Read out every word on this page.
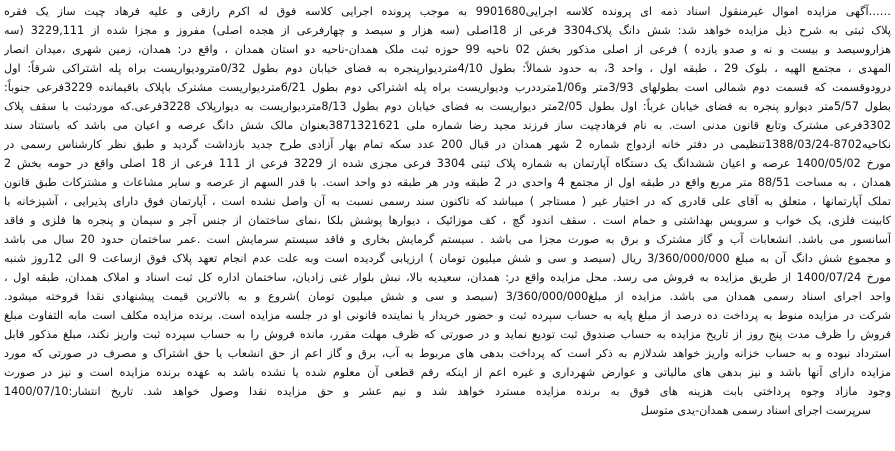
……آگهی مزایده اموال غیرمنقول اسناد ذمه ای پرونده کلاسه اجرایی9901680 به موجب پرونده اجرایی کلاسه فوق له اکرم رازقی و علیه فرهاد چیت ساز یک فقره
پلاک ثبتی به شرح ذیل مزایده خواهد شد: شش دانگ پلاک3304 فرعی از 18اصلی (سه هزار و سیصد و چهارفرعی از هجده اصلی) مفروز و مجزا شده از 3229,111 (سه
هزاروسیصد و بیست و نه و صدو یازده ) فرعی از اصلی مذکور بخش 02 ناحیه 99 حوزه ثبت ملک همدان-ناحیه دو استان همدان ، واقع در: همدان، زمین شهری ،میدان انصار
المهدی ، مجتمع الهیه ، بلوک 29 ، طبقه اول ، واحد 3، به حدود شمالاً: بطول 4/10متردیوارپنجره به فضای خیابان دوم بطول 0/32مترودیواریست براه پله اشتراکی شرقاً: اول
درودوقسمت که قسمت دوم شمالی است بطولهای 3/93متر و1/06مترددرب ودیواریست براه پله اشتراکی دوم بطول 6/21متردیواریست مشترک باپلاک باقیمانده 3229فرعی جنوباً:
بطول 5/57متر دیوارو پنجره به فضای خیابان غرباً: اول بطول 2/05متر دیواریست به فضای خیابان دوم بطول 8/13متردیواریست به دیوارپلاک 3228فرعی.که موردثبت با سقف پلاک
3302فرعی مشترک وتابع قانون مدنی است. به نام فرهادچیت ساز فرزند مجید رضا شماره ملی 3871321621بعنوان مالک شش دانگ عرصه و اعیان می باشد که باستناد سند
نکاحیه8702-1388/03/24تنظیمی در دفتر خانه ازدواج شماره 2 شهر همدان در قبال 200 عدد سکه تمام بهار آزادی طرح جدید بازداشت گردید و طبق نظر کارشناس رسمی در
مورخ 1400/05/02 عرصه و اعیان ششدانگ یک دستگاه آپارتمان به شماره پلاک ثبتی 3304 فرعی مجزی شده از 3229 فرعی از 111 فرعی از 18 اصلی واقع در حومه بخش 2
همدان ، به مساحت 88/51 متر مربع واقع در طبقه اول از مجتمع 4 واحدی در 2 طبقه ودر هر طبقه دو واحد است. با قدر السهم از عرصه و سایر مشاعات و مشترکات طبق قانون
تملک آپارتمانها ، متعلق به آقای علی قادری که در اختیار غیر ( مستاجر ) میباشد که تاکنون سند رسمی نسبت به آن واصل نشده است ، آپارتمان فوق دارای پذیرایی ، آشپزخانه با
کابینت فلزی، یک خواب و سرویس بهداشتی و حمام است . سقف اندود گچ ، کف موزائیک ، دیوارها پوشش بلکا ،نمای ساختمان از جنس آجر و سیمان و پنجره ها فلزی و فاقد
آسانسور می باشد. انشعابات آب و گاز مشترک و برق به صورت مجزا می باشد . سیستم گرمایش بخاری و فاقد سیستم سرمایش است .عمر ساختمان حدود 20 سال می باشد
و مجموع شش دانگ آن به مبلغ 3/360/000/000 ریال (سیصد و سی و شش میلیون تومان ) ارزیابی گردیده است وبه علت عدم انجام تعهد پلاک فوق ازساعت 9 الی 12روز شنبه
مورخ 1400/07/24 از طریق مزایده به فروش می رسد. محل مزایده واقع در: همدان، سعیدیه بالا، نبش بلوار غنی زادیان، ساختمان اداره کل ثبت اسناد و املاک همدان، طبقه اول ،
واحد اجرای اسناد رسمی همدان می باشد. مزایده از مبلغ3/360/000/000 (سیصد و سی و شش میلیون تومان )شروع و به بالاترین قیمت پیشنهادی نقدا فروخته میشود.
شرکت در مزایده منوط به پرداخت ده درصد از مبلغ پایه به حساب سپرده ثبت و حضور خریدار یا نماینده قانونی او در جلسه مزایده است. برنده مزایده مکلف است مابه التفاوت مبلغ
فروش را ظرف مدت پنج روز از تاریخ مزایده به حساب صندوق ثبت تودیع نماید و در صورتی که ظرف مهلت مقرر، مانده فروش را به حساب سپرده ثبت واریز نکند، مبلغ مذکور قابل
استرداد نبوده و به حساب خزانه واریز خواهد شدلازم به ذکر است که پرداخت بدهی های مربوط به آب، برق و گاز اعم از حق انشعاب یا حق اشتراک و مصرف در صورتی که مورد
مزایده دارای آنها باشد و نیز بدهی های مالیاتی و عوارض شهرداری و غیره اعم از اینکه رقم قطعی آن معلوم شده یا نشده باشد به عهده برنده مزایده است و نیز در صورت
وجود مازاد وجوه پرداختی بابت هزینه های فوق به برنده مزایده مسترد خواهد شد و نیم عشر و حق مزایده نقدا وصول خواهد شد. تاریخ انتشار:1400/07/10
سرپرست اجرای اسناد رسمی همدان-یدی متوسل
